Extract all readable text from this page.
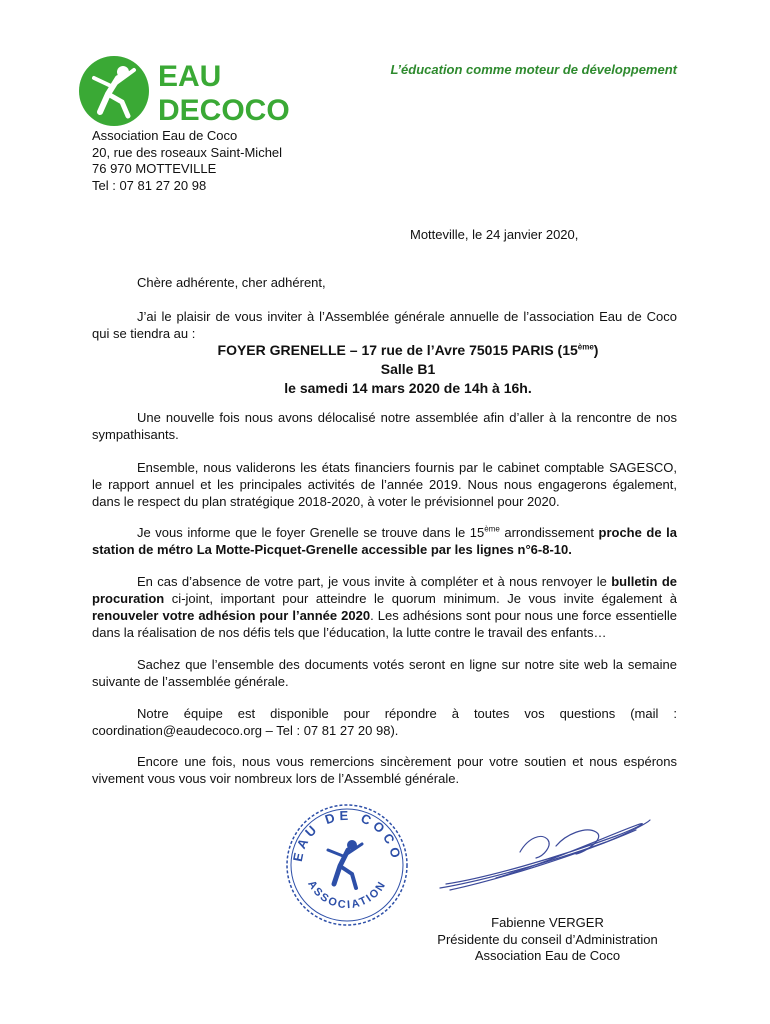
EAU
DECOCO
L’éducation comme moteur de développement
Association Eau de Coco
20, rue des roseaux Saint-Michel
76 970 MOTTEVILLE
Tel : 07 81 27 20 98
Motteville, le 24 janvier 2020,
Chère adhérente, cher adhérent,
J’ai le plaisir de vous inviter à l’Assemblée générale annuelle de l’association Eau de Coco qui se tiendra au :
FOYER GRENELLE – 17 rue de l’Avre 75015 PARIS (15ème)
Salle B1
le samedi 14 mars 2020 de 14h à 16h.
Une nouvelle fois nous avons délocalisé notre assemblée afin d’aller à la rencontre de nos sympathisants.
Ensemble, nous validerons les états financiers fournis par le cabinet comptable SAGESCO, le rapport annuel et les principales activités de l’année 2019. Nous nous engagerons également, dans le respect du plan stratégique 2018-2020, à voter le prévisionnel pour 2020.
Je vous informe que le foyer Grenelle se trouve dans le 15ème arrondissement proche de la station de métro La Motte-Picquet-Grenelle accessible par les lignes n°6-8-10.
En cas d’absence de votre part, je vous invite à compléter et à nous renvoyer le bulletin de procuration ci-joint, important pour atteindre le quorum minimum. Je vous invite également à renouveler votre adhésion pour l’année 2020. Les adhésions sont pour nous une force essentielle dans la réalisation de nos défis tels que l’éducation, la lutte contre le travail des enfants…
Sachez que l’ensemble des documents votés seront en ligne sur notre site web la semaine suivante de l’assemblée générale.
Notre équipe est disponible pour répondre à toutes vos questions (mail : coordination@eaudecoco.org – Tel : 07 81 27 20 98).
Encore une fois, nous vous remercions sincèrement pour votre soutien et nous espérons vivement vous vous voir nombreux lors de l’Assemblé générale.
EAU DE COCO
ASSOCIATION
Fabienne VERGER
Présidente du conseil d’Administration
Association Eau de Coco
